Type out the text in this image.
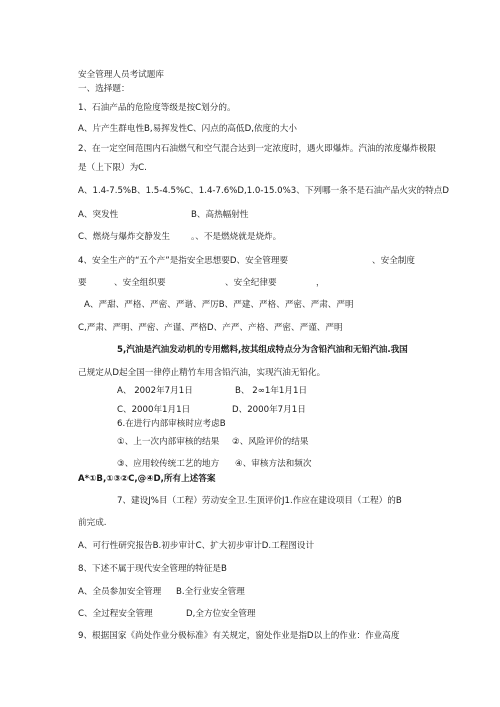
安全管理人员考试题库
一、选择题：
1、石油产品的危险度等级是按C划分的。
A、片产生群电性B,易挥发性C、闪点的高低D,依度的大小
2、在一定空间范围内石油燃气和空气混合达到一定浓度时，遇火即爆炸。汽油的浓度爆炸极限
是（上下限）为C.
A、1.4-7.5%B、1.5-4.5%C、1.4-7.6%D,1.0-15.0%3、下列哪一条不是石油产品火灾的特点D
A、突发性	B、高热幅射性
C、燃烧与爆炸交静发生 。、不是燃烧就是烧炸。
4、安全生产的“五个产”是指安全思想要D、安全管理要	、安全制度
要	、安全组织要	、安全纪律要	，
A、严甜、严格、严密、严谐、严厉B、严建、严格、严密、严肃、严明
C,严肃、严明、严密、产谨、严格D、产严、产格、严密、严谨、严明
5,汽油是汽油发动机的专用燃料,按其组成特点分为含铅汽油和无铅汽油.我国
己规定从D起全国一律停止精竹车用含铅汽油，实现汽油无铅化。
A、 2002年7月1日	B、 2∞1年1月1日
C、2000年1月1日	D、2000年7月1日
6.在进行内部审核时应考虑B
①、上一次内部审核的结果 ②、风险评价的结果
③、应用较传统工艺的地方 ④、审核方法和频次
A*①B,①③②C,@④D,所有上述答案
7、建设J%目（工程）劳动安全卫.生顶评价J1.作应在建设项目（工程）的B
前完成.
A、可行性研究报告B.初步审计C、扩大初步审计D.工程图设计
8、下述不属于现代安全管理的特征是B
A、全员参加安全管理 B.全行业安全管理
C、全过程安全管理	D,全方位安全管理
9、根据国家《尚处作业分极标准》有关规定，窗处作业是指D以上的作业：作业高度
